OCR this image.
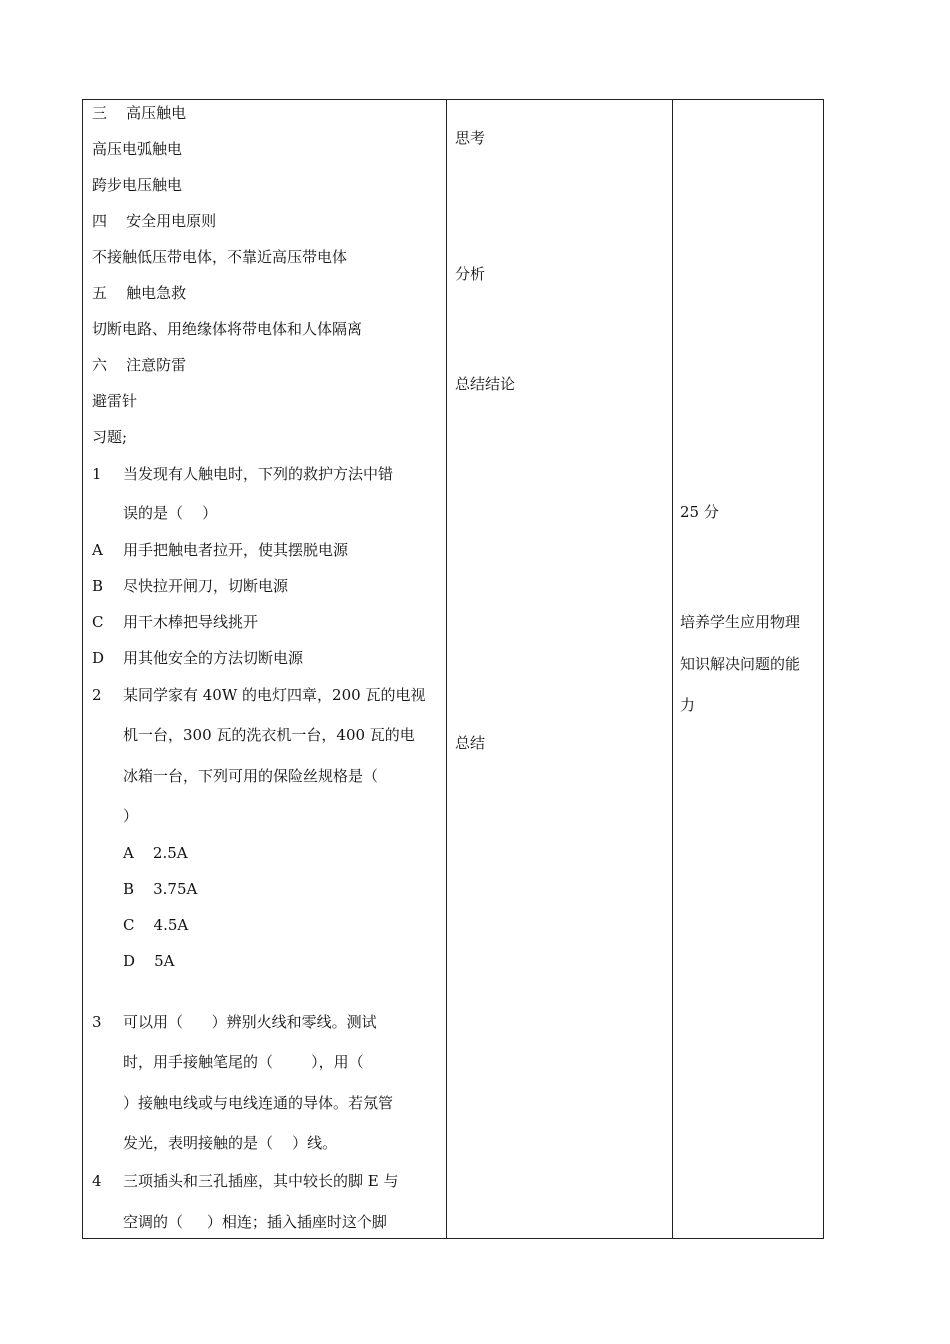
三    高压触电
高压电弧触电
跨步电压触电
四    安全用电原则
不接触低压带电体，不靠近高压带电体
五    触电急救
切断电路、用绝缘体将带电体和人体隔离
六    注意防雷
避雷针
习题;
1 当发现有人触电时，下列的救护方法中错
误的是（    ）
A 用手把触电者拉开，使其摆脱电源
B 尽快拉开闸刀，切断电源
C 用干木棒把导线挑开
D 用其他安全的方法切断电源
2 某同学家有 40W 的电灯四章，200 瓦的电视
机一台，300 瓦的洗衣机一台，400 瓦的电
冰箱一台，下列可用的保险丝规格是（
）
A    2.5A
B    3.75A
C    4.5A
D    5A
3 可以用（      ）辨别火线和零线。测试
时，用手接触笔尾的（        ），用（
）接触电线或与电线连通的导体。若氖管
发光，表明接触的是（    ）线。
4 三项插头和三孔插座，其中较长的脚 E 与
空调的（     ）相连；插入插座时这个脚
思考
分析
总结结论
总结
25 分
培养学生应用物理
知识解决问题的能
力
